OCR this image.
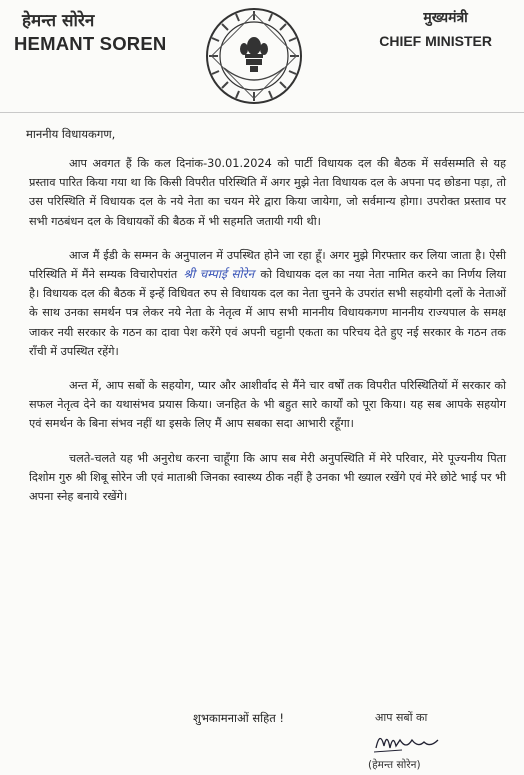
हेमन्त सोरेन
HEMANT SOREN
मुख्यमंत्री
CHIEF MINISTER
माननीय विधायकगण,

आप अवगत हैं कि कल दिनांक-30.01.2024 को पार्टी विधायक दल की बैठक में सर्वसम्मति से यह प्रस्ताव पारित किया गया था कि किसी विपरीत परिस्थिति में अगर मुझे नेता विधायक दल के अपना पद छोडना पड़ा, तो उस परिस्थिति में विधायक दल के नये नेता का चयन मेरे द्वारा किया जायेगा, जो सर्वमान्य होगा। उपरोक्त प्रस्ताव पर सभी गठबंधन दल के विधायकों की बैठक में भी सहमति जतायी गयी थी।

आज मैं ईडी के सम्मन के अनुपालन में उपस्थित होने जा रहा हूँ। अगर मुझे गिरफ्तार कर लिया जाता है। ऐसी परिस्थिति में मैंने सम्यक विचारोपरांत श्री चम्पाई सोरेन को विधायक दल का नया नेता नामित करने का निर्णय लिया है। विधायक दल की बैठक में इन्हें विधिवत रुप से विधायक दल का नेता चुनने के उपरांत सभी सहयोगी दलों के नेताओं के साथ उनका समर्थन पत्र लेकर नये नेता के नेतृत्व में आप सभी माननीय विधायकगण माननीय राज्यपाल के समक्ष जाकर नयी सरकार के गठन का दावा पेश करेंगे एवं अपनी चट्टानी एकता का परिचय देते हुए नई सरकार के गठन तक राँची में उपस्थित रहेंगे।

अन्त में, आप सबों के सहयोग, प्यार और आशीर्वाद से मैंने चार वर्षों तक विपरीत परिस्थितियों में सरकार को सफल नेतृत्व देने का यथासंभव प्रयास किया। जनहित के भी बहुत सारे कार्यों को पूरा किया। यह सब आपके सहयोग एवं समर्थन के बिना संभव नहीं था इसके लिए मैं आप सबका सदा आभारी रहूँगा।

चलते-चलते यह भी अनुरोध करना चाहूँगा कि आप सब मेरी अनुपस्थिति में मेरे परिवार, मेरे पूज्यनीय पिता दिशोम गुरु श्री शिबू सोरेन जी एवं माताश्री जिनका स्वास्थ्य ठीक नहीं है उनका भी ख्याल रखेंगे एवं मेरे छोटे भाई पर भी अपना स्नेह बनाये रखेंगे।

शुभकामनाओं सहित !	आप सबों का
(हेमन्त सोरेन)
